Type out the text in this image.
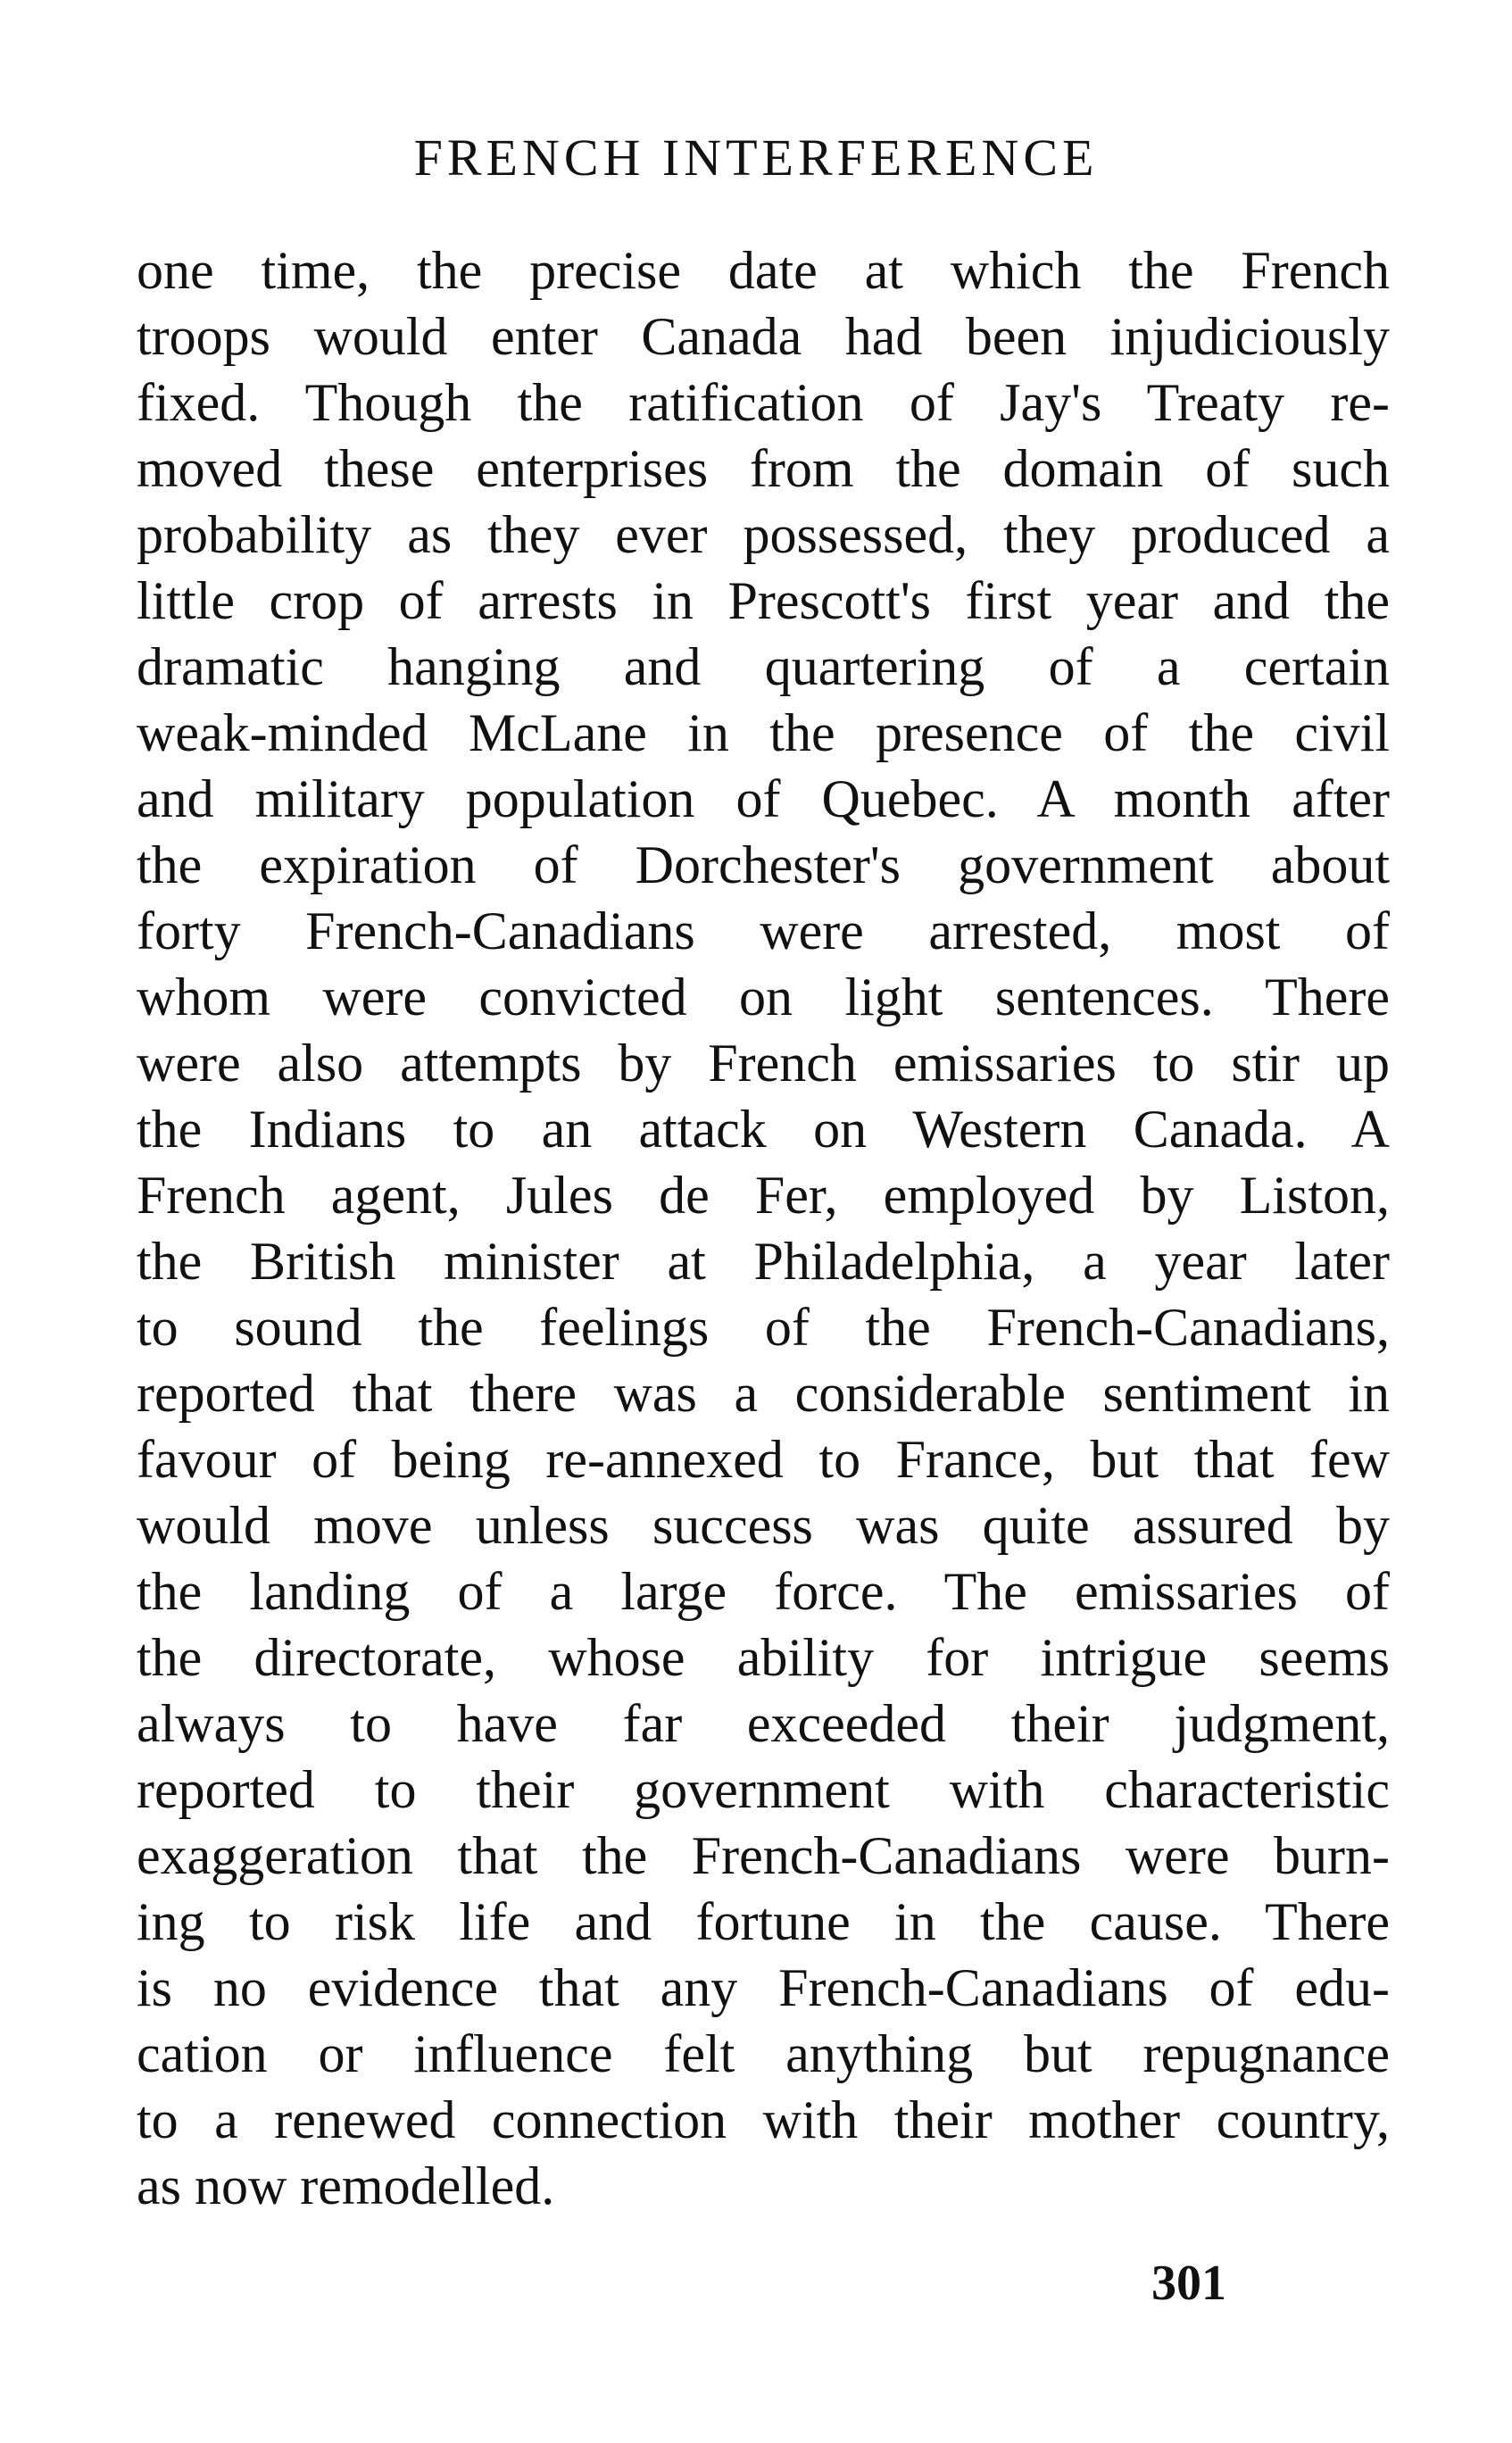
FRENCH INTERFERENCE
one time, the precise date at which the French
troops would enter Canada had been injudiciously
fixed. Though the ratification of Jay's Treaty re-
moved these enterprises from the domain of such
probability as they ever possessed, they produced a
little crop of arrests in Prescott's first year and the
dramatic hanging and quartering of a certain
weak-minded McLane in the presence of the civil
and military population of Quebec. A month after
the expiration of Dorchester's government about
forty French-Canadians were arrested, most of
whom were convicted on light sentences. There
were also attempts by French emissaries to stir up
the Indians to an attack on Western Canada. A
French agent, Jules de Fer, employed by Liston,
the British minister at Philadelphia, a year later
to sound the feelings of the French-Canadians,
reported that there was a considerable sentiment in
favour of being re-annexed to France, but that few
would move unless success was quite assured by
the landing of a large force. The emissaries of
the directorate, whose ability for intrigue seems
always to have far exceeded their judgment,
reported to their government with characteristic
exaggeration that the French-Canadians were burn-
ing to risk life and fortune in the cause. There
is no evidence that any French-Canadians of edu-
cation or influence felt anything but repugnance
to a renewed connection with their mother country,
as now remodelled.
301
